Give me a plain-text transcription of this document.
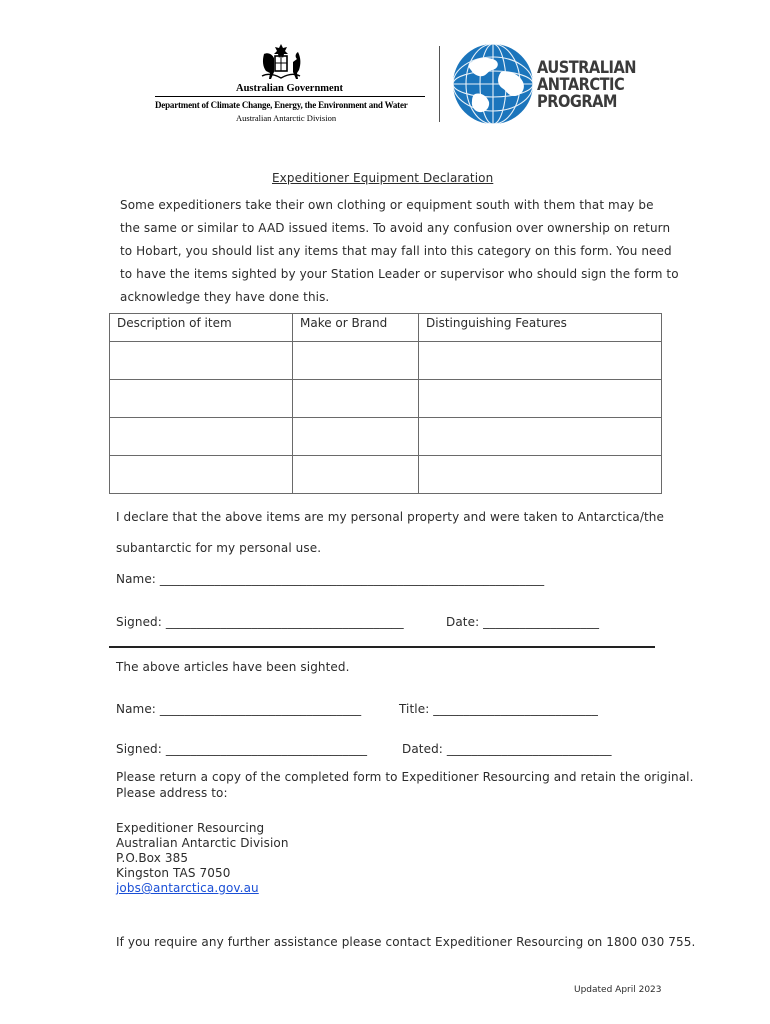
Australian Government
Department of Climate Change, Energy, the Environment and Water
Australian Antarctic Division
AUSTRALIAN
ANTARCTIC
PROGRAM
Expeditioner Equipment Declaration
Some expeditioners take their own clothing or equipment south with them that may be
the same or similar to AAD issued items. To avoid any confusion over ownership on return
to Hobart, you should list any items that may fall into this category on this form. You need
to have the items sighted by your Station Leader or supervisor who should sign the form to
acknowledge they have done this.
Description of item	Make or Brand	Distinguishing Features

I declare that the above items are my personal property and were taken to Antarctica/the
subantarctic for my personal use.
Name: _______________________________________________________________
Signed: _______________________________________	Date: ___________________
The above articles have been sighted.
Name: _________________________________	Title: ___________________________
Signed: _________________________________	Dated: ___________________________
Please return a copy of the completed form to Expeditioner Resourcing and retain the original.
Please address to:
Expeditioner Resourcing
Australian Antarctic Division
P.O.Box 385
Kingston TAS 7050
jobs@antarctica.gov.au
If you require any further assistance please contact Expeditioner Resourcing on 1800 030 755.
Updated April 2023
